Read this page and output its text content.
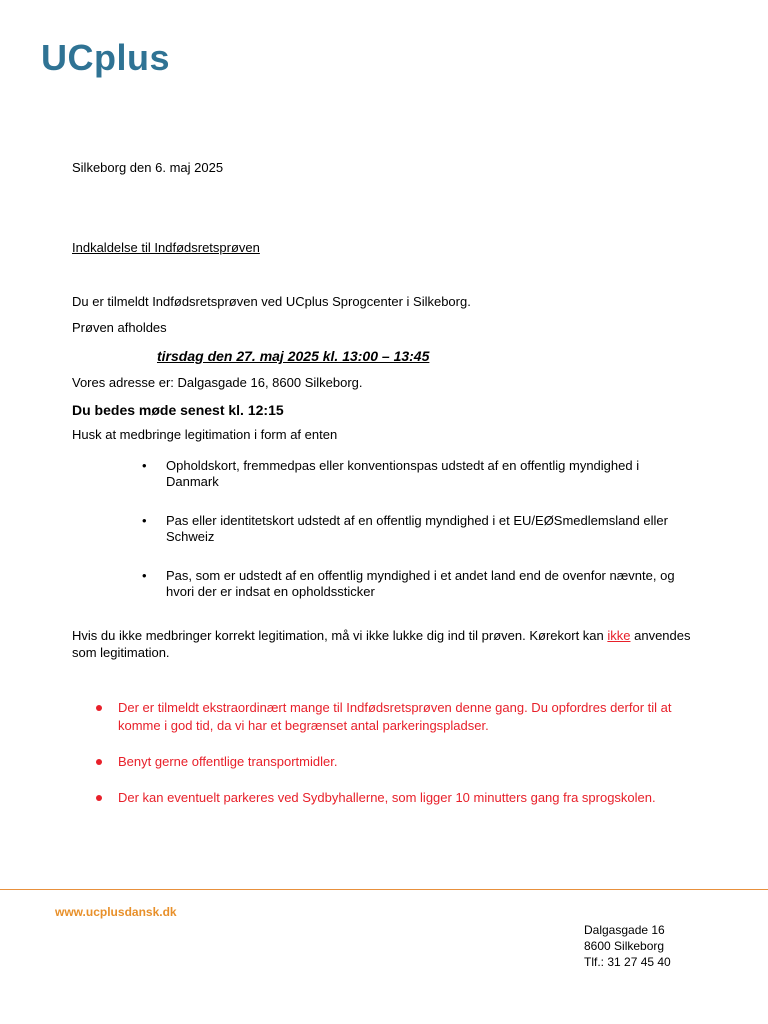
UCplus
Silkeborg den 6. maj 2025
Indkaldelse til Indfødsretsprøven
Du er tilmeldt Indfødsretsprøven ved UCplus Sprogcenter i Silkeborg.
Prøven afholdes
tirsdag den 27. maj 2025 kl. 13:00 – 13:45
Vores adresse er: Dalgasgade 16, 8600 Silkeborg.
Du bedes møde senest kl. 12:15
Husk at medbringe legitimation i form af enten
• Opholdskort, fremmedpas eller konventionspas udstedt af en offentlig myndighed i Danmark
• Pas eller identitetskort udstedt af en offentlig myndighed i et EU/EØSmedlemsland eller Schweiz
• Pas, som er udstedt af en offentlig myndighed i et andet land end de ovenfor nævnte, og hvori der er indsat en opholdssticker
Hvis du ikke medbringer korrekt legitimation, må vi ikke lukke dig ind til prøven. Kørekort kan ikke anvendes som legitimation.
Der er tilmeldt ekstraordinært mange til Indfødsretsprøven denne gang. Du opfordres derfor til at komme i god tid, da vi har et begrænset antal parkeringspladser.
Benyt gerne offentlige transportmidler.
Der kan eventuelt parkeres ved Sydbyhallerne, som ligger 10 minutters gang fra sprogskolen.
www.ucplusdansk.dk
Dalgasgade 16
8600 Silkeborg
Tlf.: 31 27 45 40
